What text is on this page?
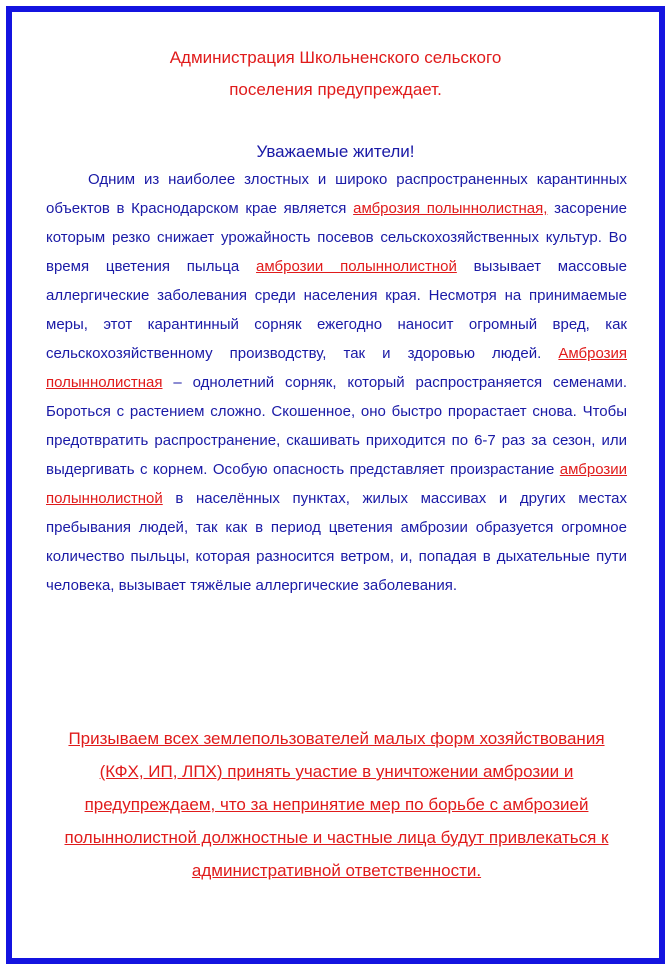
Администрация Школьненского сельского
поселения предупреждает.
Уважаемые жители!
Одним из наиболее злостных и широко распространенных карантинных объектов в Краснодарском крае является амброзия полыннолистная, засорение которым резко снижает урожайность посевов сельскохозяйственных культур. Во время цветения пыльца амброзии полыннолистной вызывает массовые аллергические заболевания среди населения края. Несмотря на принимаемые меры, этот карантинный сорняк ежегодно наносит огромный вред, как сельскохозяйственному производству, так и здоровью людей. Амброзия полыннолистная – однолетний сорняк, который распространяется семенами. Бороться с растением сложно. Скошенное, оно быстро прорастает снова. Чтобы предотвратить распространение, скашивать приходится по 6-7 раз за сезон, или выдергивать с корнем. Особую опасность представляет произрастание амброзии полыннолистной в населённых пунктах, жилых массивах и других местах пребывания людей, так как в период цветения амброзии образуется огромное количество пыльцы, которая разносится ветром, и, попадая в дыхательные пути человека, вызывает тяжёлые аллергические заболевания.
Призываем всех землепользователей малых форм хозяйствования (КФХ, ИП, ЛПХ) принять участие в уничтожении амброзии и предупреждаем, что за непринятие мер по борьбе с амброзией полыннолистной должностные и частные лица будут привлекаться к административной ответственности.
